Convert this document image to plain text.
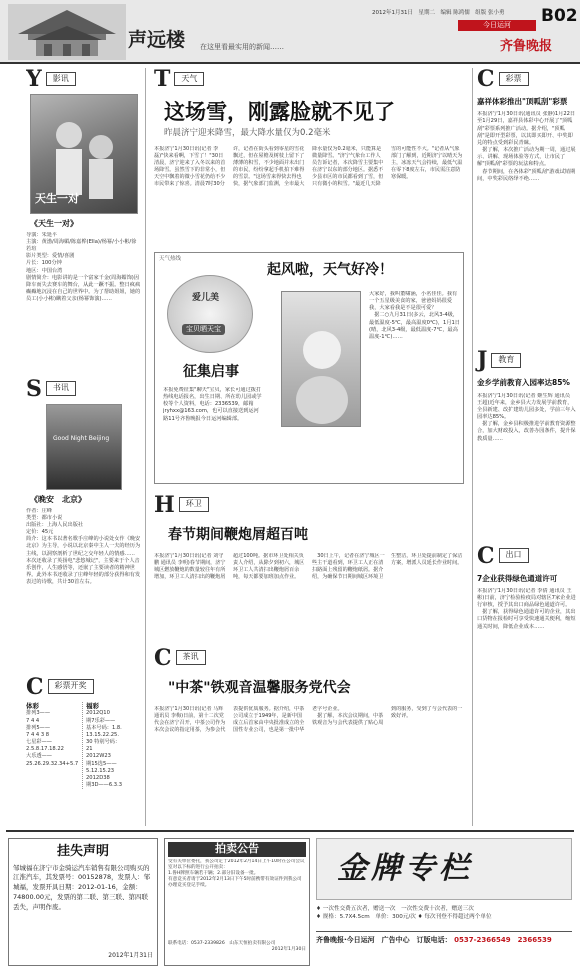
声远楼 在这里看最实用的新闻……
2012年1月31日　星期二　编辑 陈鸿儒　组版 张小勇 B02
今日运河
齐鲁晚报
Y	影讯
天生一对
《天生一对》
导演：朱延平
主演：黄渤/周海媚/陈嘉桦(Ella)/杨幂/小小彬/徐若瑄
影片类型：爱情/喜剧
片长：100分钟
地区：中国台湾
剧情简介：电影讲的是一个富家千金(周海媚饰)因降车而失去赛车的舞台，从此一蹶不振。整日疯疯癫癫地沉浸在自己的世界中。为了帮助姐姐，她的员工(小小彬)瞒着父亲(杨幂饰演)……
S	书讯
Good Night Beijing
《晚安　北京》
作者：庄峰
类型：都市小说
出版社：上海人民出版社
定价：45元
简介：这本书以著名歌手庄峰的小说处女作《晚安北京》为主导，小说以北京秦中主人一夫的经历为主线，以洞察剖析了世纪之交年轻人的情感……
本次还收录了英扬电"悲悠城记"，主要来于个人音乐创作，人生感悟等，还嵌了主要读者的精神世界。此外本书还收录了庄峰年轻的部分获得和有发表过的诗歌，共计30首左右。
C	彩票开奖
体彩
排列3——
7 4 4
排列5——
7 4 4 3 8
七星彩——
2.5.8.17.18.22
大乐透——
25.26.29.32.34+5.7
福彩
2012Q10
期7乐彩——
基本号码：1.8.
13.15.22.25.
30 特别号码：
21
2012W23
期15选5——
5.12.15.23
2012D38
期3D——6.3.3
T	天气
这场雪，刚露脸就不见了
昨晨济宁迎来降雪，最大降水量仅为0.2毫米
本报济宁1月30日讯(记者 李磊)"快来看啊，下雪了！"30日清晨，济宁迎来了入冬以来的首场降雪。虽然雪下的非常小，但天空中飘着的微小雪花仍给不少市民带来了惊喜。清晨7时30分许，记者在街头看到零星的雪花飘过，但在屋檐及树枝上留下了薄薄的积雪，不少地面并未出门的市民，纷纷拿起手机拍下难得的雪景。"这场雪来得快去得也快，据气象部门监测，全市最大降水量仅为0.2毫米，只能算是微量降雪。"济宁气象台工作人员告诉记者，本次降雪主要集中在济宁以东的部分地区。据悉不少县市区的市民都看到了雪，但只有微小的积雪。"最近几天降雪的可能性不大。"记者从气象部门了解到，近期济宁以晴天为主，冰冻天气会持续，最低气温在零下8度左右，市民需注意防寒保暖。
天气热线
爱儿美
宝贝晒天宝
征集启事
本报免费征集"聊天"宝贝，家长可通过拨打热线电话报名，出生日期、所在幼儿园或学校等个人资料，电话：2336539，邮箱jryhxx@163.com，也可以直接送到运河路11号齐鲁晚报今日运河编辑部。
起风啦，天气好冷！
大家好，我叫董啸涵，小名佳佳。我有一个五星级美食的家，爸爸妈妈很爱我，大家看我是不是很可爱？
　据二○九月31日(多云，北风3-4级，最低温度-5℃，最高温度0℃)，1月1日(晴，北风3-4级，最低温度-7℃，最高温度-1℃)……
H	环卫
春节期间鞭炮屑超百吨
本报济宁1月30日讯(记者 刘守鹏 通讯员 李明)春节期间，济宁城区燃放鞭炮的数量较往年有所增加，环卫工人清扫出的鞭炮屑超过100吨。据市环卫处相关负责人介绍，从除夕到初六，城区环卫工人共清扫出鞭炮屑百余吨，每天都要加班加点作业。
　30日上午，记者在济宁城区一些主干道看到，环卫工人正在清扫路面上残留的鞭炮纸屑。据介绍，为确保节日期间城区环境卫生整洁，环卫处提前制定了保洁方案，增派人员延长作业时间。
C	茶讯
"中茶"铁观音温馨服务党代会
本报济宁1月30日讯(记者 马辉 通讯员 李梅)日前，第十二次党代会在济宁召开，中茶公司作为本次会议的指定用茶，为参会代表提供优质服务。据介绍，中茶公司成立于1949年，是新中国成立后首家由中央批准成立的全国性专业公司，也是第一批中华老字号企业。
　据了解，本次会议期间，中茶铁观音为与会代表提供了贴心周到的服务，受到了与会代表的一致好评。
C	彩票
嘉祥体彩推出"顶呱刮"彩票
本报济宁1月30日讯(通讯员 张静)1月22日至1月29日，嘉祥县体彩中心开展了"顶呱刮"彩票系列推广活动。据介绍，"顶呱刮"是即开型彩票，以其即买即开、中奖即兑的特点受到彩民青睐。
　据了解，本次推广活动为期一周，通过展示、讲解、现场体验等方式，让市民了解"顶呱刮"彩票的玩法和特点。
　春节期间，在各体彩"顶呱刮"游戏试销期间，中奖彩民络绎不绝……
J	教育
金乡学前教育入园率达85%
本报济宁1月30日讯(记者 姬生辉 通讯员 王超)近年来，金乡县大力发展学前教育，全县新建、改扩建幼儿园多处，学前三年入园率达85%。
　据了解，金乡县积极推进学前教育资源整合，加大财政投入，改善办园条件，提升保教质量……
C	出口
7企业获得绿色通道许可
本报济宁1月30日讯(记者 李倩 通讯员 王彬)日前，济宁检验检疫局对辖区7家企业进行审核，授予其出口商品绿色通道许可。
　据了解，获得绿色通道许可的企业，其出口货物在报检时可享受快速通关便利，缩短通关时间，降低企业成本……
挂失声明
邹城福在济宁市金骑运汽车销售有限公司购买的江淮汽车，其发票号：00152878，发票人：邹城福，发票开具日期：2012-01-16，金额：74800.00元，发票的第二联、第三联、第四联丢失，声明作废。
2012年1月31日
拍卖公告
受有关单位委托，我公司定于2012年2月14日上午10时在公司会议室对以下标的进行公开拍卖：
1.鲁H牌照车辆若干辆；2.部分旧设备一批。
有意竞买者请于2012年2月13日下午5时前携带有效证件到我公司办理竞买登记手续。
联系电话：0537-2339826　山东天恒拍卖有限公司
2012年1月30日
金牌专栏
♦ 一次性交费五次者，赠送一次　一次性交费十次者，赠送三次
♦ 规格：5.7X4.5cm　单价：300元/次 ♦ 每次刊登不得超过两个单位
齐鲁晚报·今日运河　广告中心　订版电话： 0537-2366549　2366539
